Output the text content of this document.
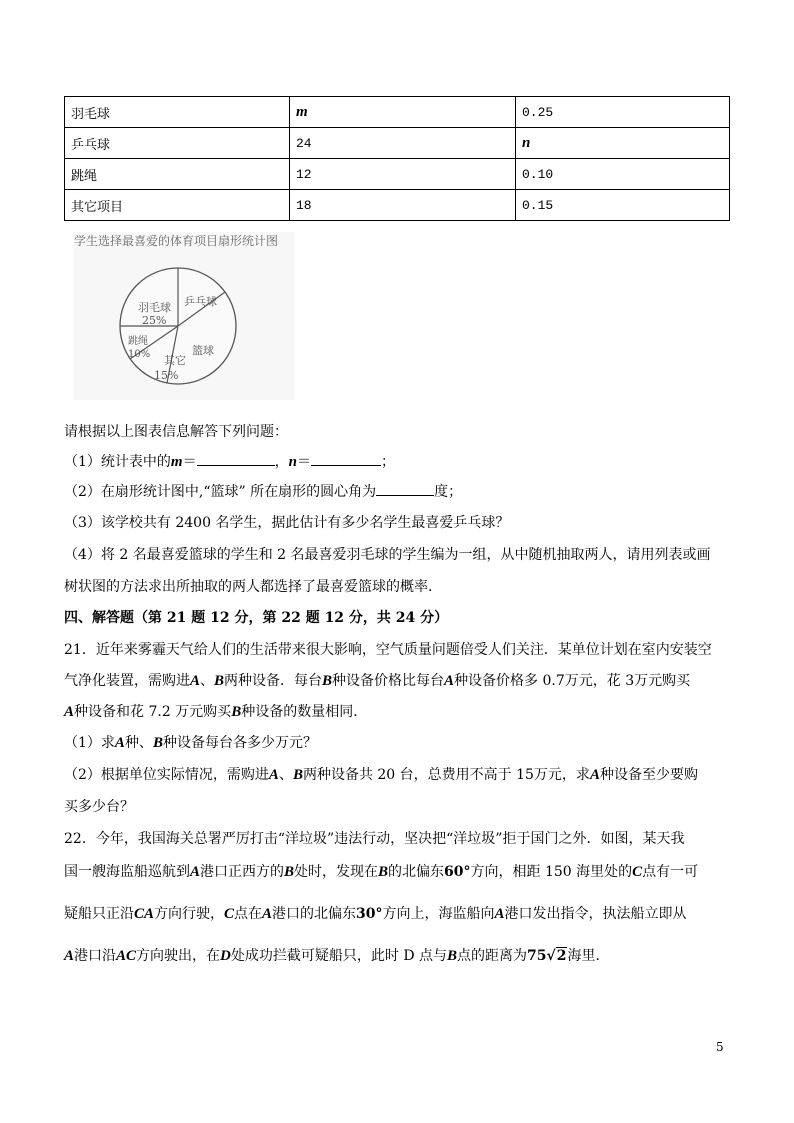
羽毛球	m	0.25
乒乓球	24	n
跳绳	12	0.10
其它项目	18	0.15
学生选择最喜爱的体育项目扇形统计图
羽毛球
25%
乒乓球
跳绳
10% 其它
15%
篮球
请根据以上图表信息解答下列问题：
（1）统计表中的m＝	，n＝	；
（2）在扇形统计图中,“篮球” 所在扇形的圆心角为	度；
（3）该学校共有 2400 名学生，据此估计有多少名学生最喜爱乒乓球？
（4）将 2 名最喜爱篮球的学生和 2 名最喜爱羽毛球的学生编为一组，从中随机抽取两人，请用列表或画
树状图的方法求出所抽取的两人都选择了最喜爱篮球的概率．
四、解答题（第 21 题 12 分，第 22 题 12 分，共 24 分）
21．近年来雾霾天气给人们的生活带来很大影响，空气质量问题倍受人们关注．某单位计划在室内安装空
气净化装置，需购进A、B两种设备．每台B种设备价格比每台A种设备价格多 0.7万元，花 3万元购买
A种设备和花 7.2 万元购买B种设备的数量相同．
（1）求A种、B种设备每台各多少万元？
（2）根据单位实际情况，需购进A、B两种设备共 20 台，总费用不高于 15万元，求A种设备至少要购
买多少台？
22．今年，我国海关总署严厉打击“洋垃圾”违法行动，坚决把“洋垃圾”拒于国门之外．如图，某天我
国一艘海监船巡航到A港口正西方的B处时，发现在B的北偏东60°方向，相距 150 海里处的C点有一可
疑船只正沿CA方向行驶，C点在A港口的北偏东30°方向上，海监船向A港口发出指令，执法船立即从
A港口沿AC方向驶出，在D处成功拦截可疑船只，此时 D 点与B点的距离为75√2海里．
5
